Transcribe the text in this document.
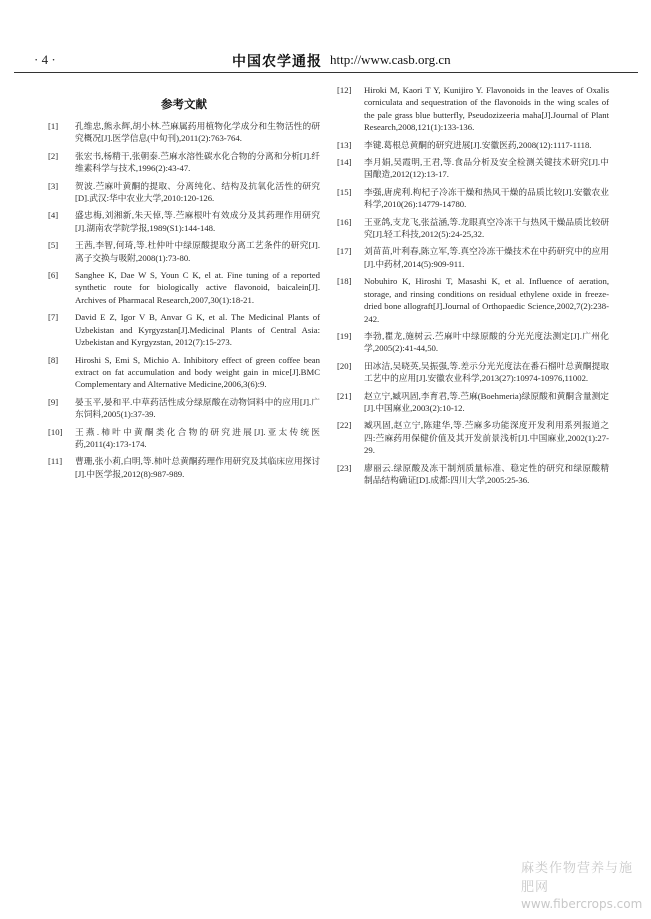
· 4 ·	中国农学通报 http://www.casb.org.cn
参考文献
[1] 孔维忠,熊永辉,胡小林.苎麻属药用植物化学成分和生物活性的研究概况[J].医学信息(中旬刊),2011(2):763-764.
[2] 张宏书,杨精干,张朝泰.苎麻水溶性碳水化合物的分离和分析[J].纤维素科学与技术,1996(2):43-47.
[3] 贺波.苎麻叶黄酮的提取、分离纯化、结构及抗氧化活性的研究[D].武汉:华中农业大学,2010:120-126.
[4] 盛忠梅,刘湘新,朱天倬,等.苎麻根叶有效成分及其药理作用研究[J].湖南农学院学报,1989(S1):144-148.
[5] 王茜,李智,何琦,等.杜仲叶中绿原酸提取分离工艺条件的研究[J].离子交换与吸附,2008(1):73-80.
[6] Sanghee K, Dae W S, Youn C K, el at. Fine tuning of a reported synthetic route for biologically active flavonoid, baicalein[J]. Archives of Pharmacal Research,2007,30(1):18-21.
[7] David E Z, Igor V B, Anvar G K, et al. The Medicinal Plants of Uzbekistan and Kyrgyzstan[J].Medicinal Plants of Central Asia: Uzbekistan and Kyrgyzstan, 2012(7):15-273.
[8] Hiroshi S, Emi S, Michio A. Inhibitory effect of green coffee bean extract on fat accumulation and body weight gain in mice[J].BMC Complementary and Alternative Medicine,2006,3(6):9.
[9] 晏玉平,晏和平.中草药活性成分绿原酸在动物饲料中的应用[J].广东饲料,2005(1):37-39.
[10] 王燕.柿叶中黄酮类化合物的研究进展[J].亚太传统医药,2011(4):173-174.
[11] 曹珊,张小莉,白明,等.柿叶总黄酮药理作用研究及其临床应用探讨[J].中医学报,2012(8):987-989.
[12] Hiroki M, Kaori T Y, Kunijiro Y. Flavonoids in the leaves of Oxalis corniculata and sequestration of the flavonoids in the wing scales of the pale grass blue butterfly, Pseudozizeeria maha[J].Journal of Plant Research,2008,121(1):133-136.
[13] 李键.葛根总黄酮的研究进展[J].安徽医药,2008(12):1117-1118.
[14] 李月娟,吴霞明,王君,等.食品分析及安全检测关键技术研究[J].中国酿造,2012(12):13-17.
[15] 李强,唐虎利.枸杞子冷冻干燥和热风干燥的品质比较[J].安徽农业科学,2010(26):14779-14780.
[16] 王亚鸽,支龙飞,张益涵,等.龙眼真空冷冻干与热风干燥品质比较研究[J].轻工科技,2012(5):24-25,32.
[17] 刘苗苗,叶利春,陈立军,等.真空冷冻干燥技术在中药研究中的应用[J].中药材,2014(5):909-911.
[18] Nobuhiro K, Hiroshi T, Masashi K, et al. Influence of aeration, storage, and rinsing conditions on residual ethylene oxide in freeze-dried bone allograft[J].Journal of Orthopaedic Science,2002,7(2):238-242.
[19] 李勃,瞿龙,施树云.苎麻叶中绿原酸的分光光度法测定[J].广州化学,2005(2):41-44,50.
[20] 田冰洁,吴晓英,吴振强,等.差示分光光度法在番石榴叶总黄酮提取工艺中的应用[J].安徽农业科学,2013(27):10974-10976,11002.
[21] 赵立宁,臧巩固,李育君,等.苎麻(Boehmeria)绿原酸和黄酮含量测定[J].中国麻业,2003(2):10-12.
[22] 臧巩固,赵立宁,陈建华,等.苎麻多功能深度开发利用系列报道之四:苎麻药用保健价值及其开发前景浅析[J].中国麻业,2002(1):27-29.
[23] 廖丽云.绿原酸及冻干制剂质量标准、稳定性的研究和绿原酸精制品结构确证[D].成都:四川大学,2005:25-36.
麻类作物营养与施肥网
www.fibercrops.com
